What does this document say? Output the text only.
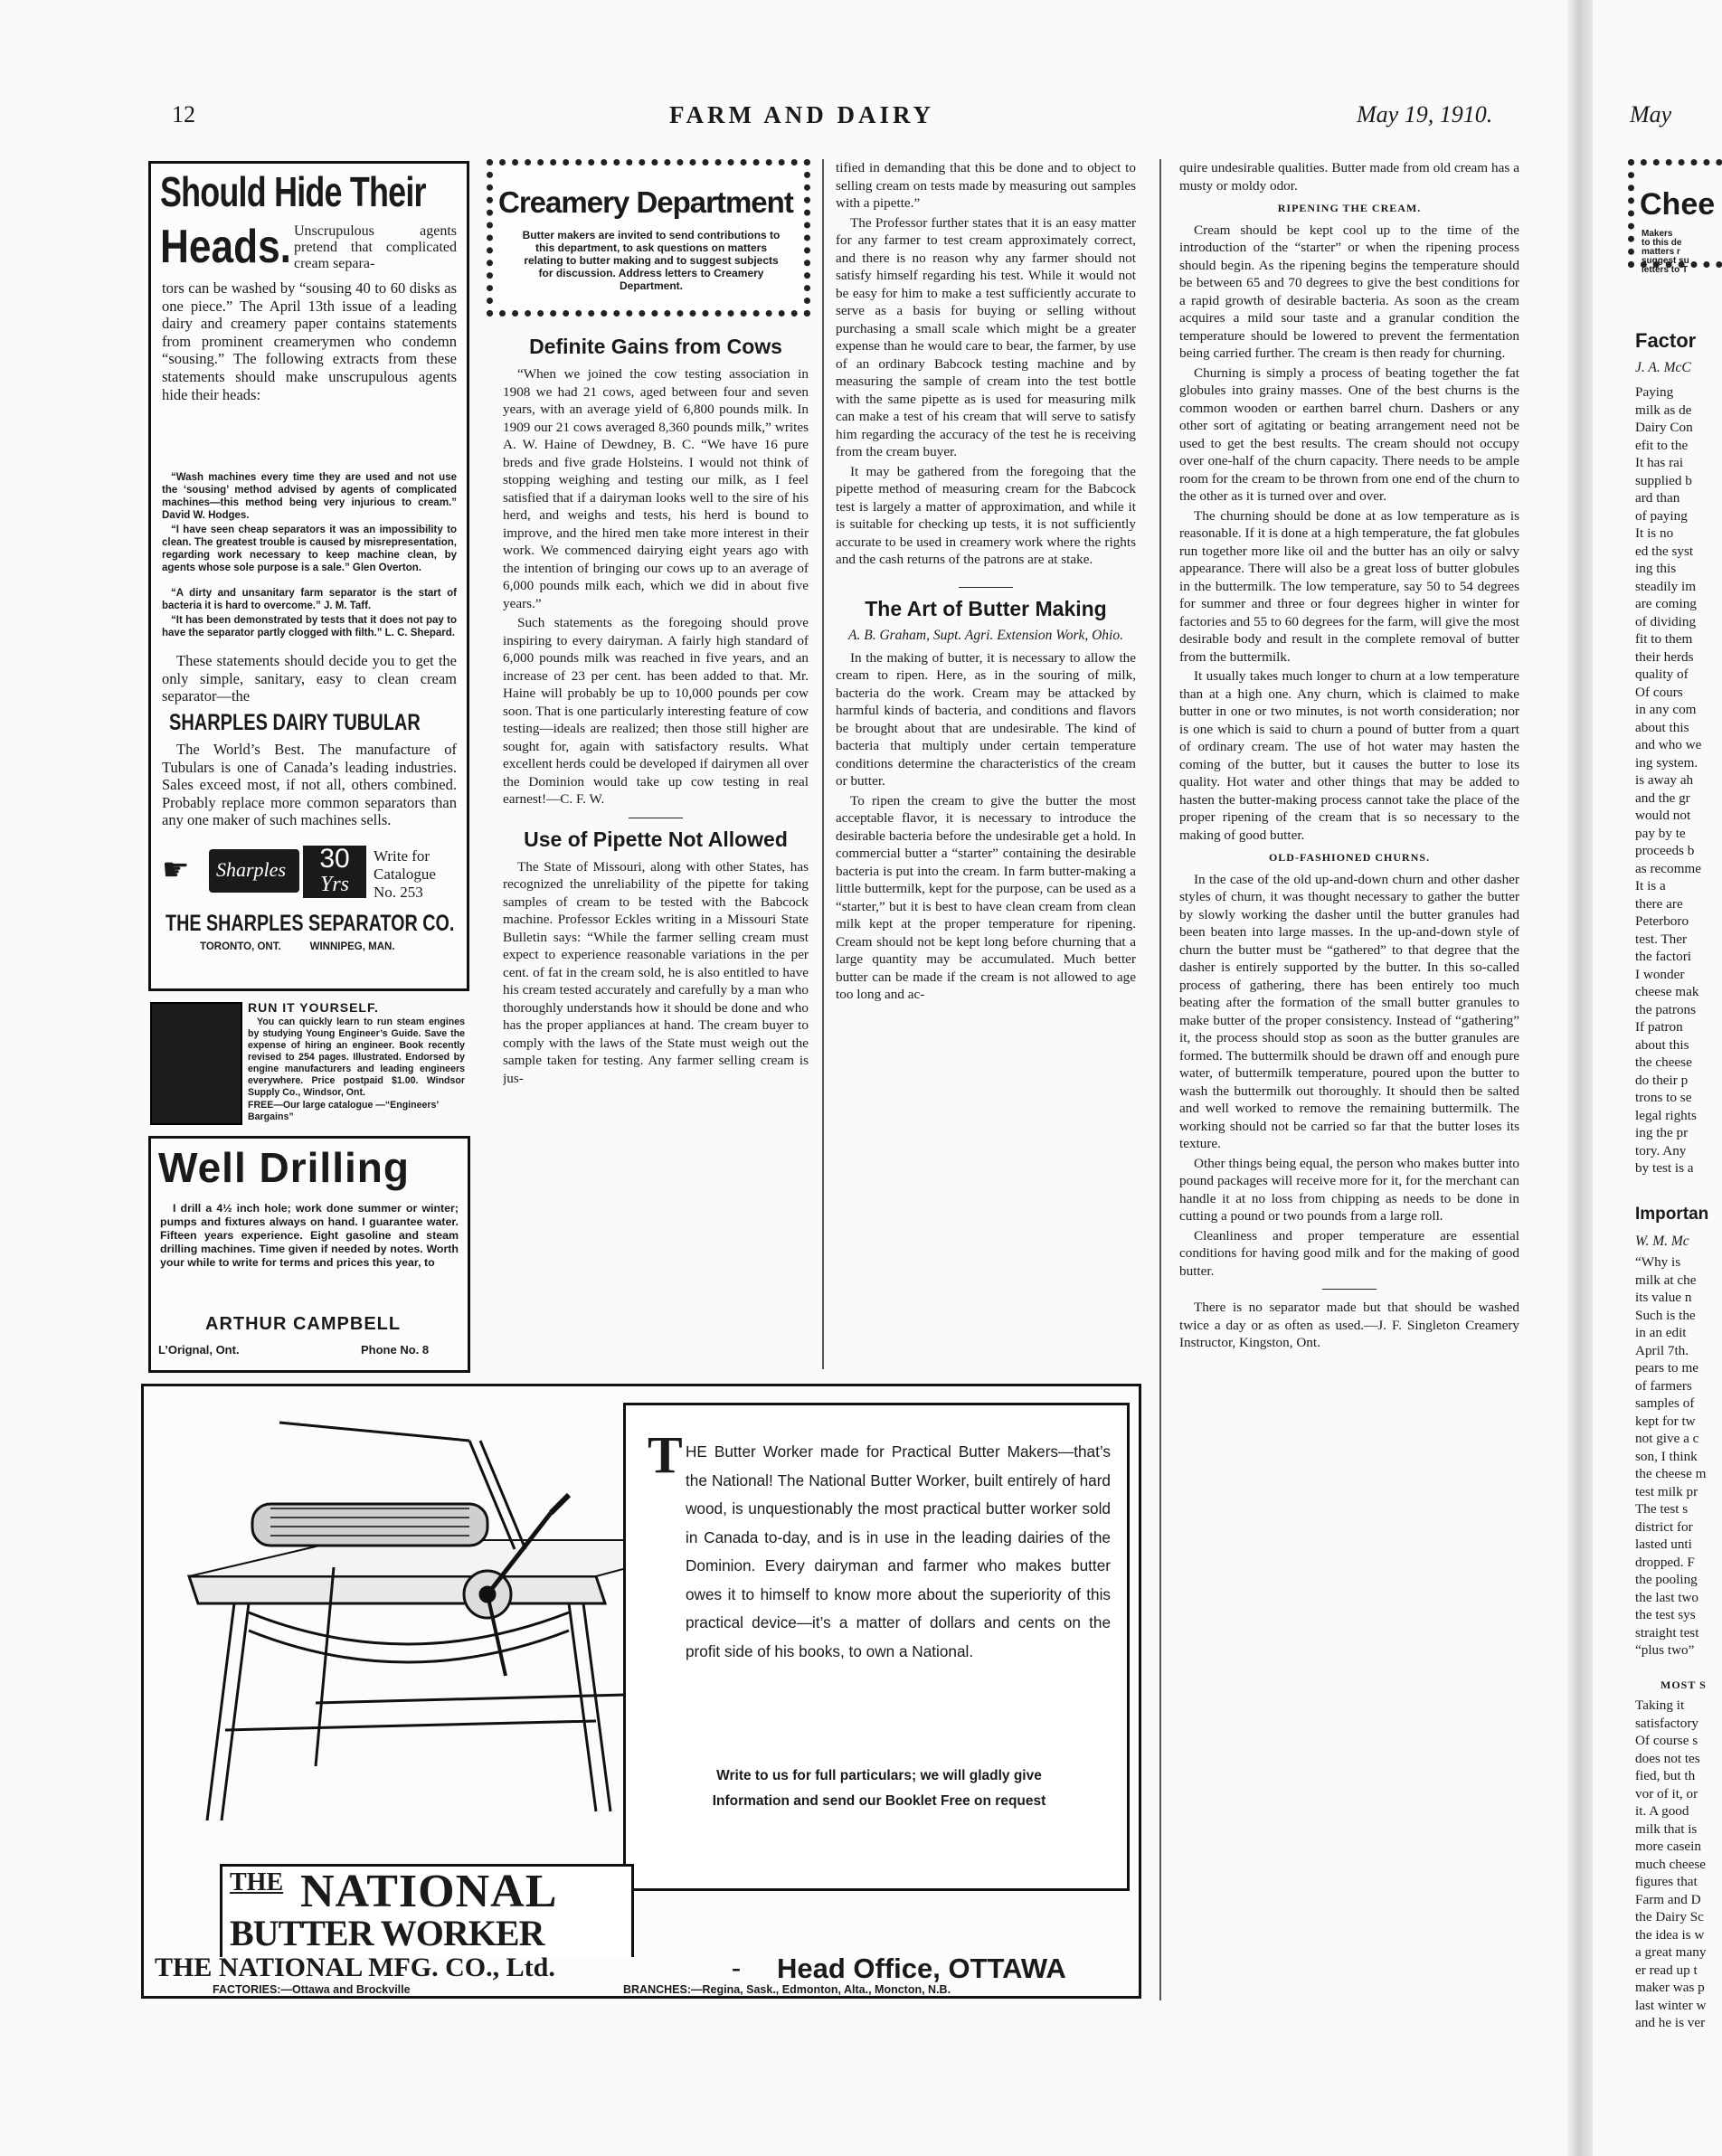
12	FARM AND DAIRY	May 19, 1910.	May
Should Hide Their
Heads. Unscrupulous agents pretend that complicated cream separa-
tors can be washed by “sousing 40 to 60 disks as one piece.” The April 13th issue of a leading dairy and creamery paper contains statements from prominent creamerymen who condemn “sousing.” The following extracts from these statements should make unscrupulous agents hide their heads:
“Wash machines every time they are used and not use the ‘sousing’ method advised by agents of complicated machines—this method being very injurious to cream.” David W. Hodges.
“I have seen cheap separators it was an impossibility to clean. The greatest trouble is caused by misrepresentation, regarding work necessary to keep machine clean, by agents whose sole purpose is a sale.” Glen Overton.
“A dirty and unsanitary farm separator is the start of bacteria it is hard to overcome.” J. M. Taff.
“It has been demonstrated by tests that it does not pay to have the separator partly clogged with filth.” L. C. Shepard.
These statements should decide you to get the only simple, sanitary, easy to clean cream separator—the
SHARPLES DAIRY TUBULAR
The World’s Best. The manufacture of Tubulars is one of Canada’s leading industries. Sales exceed most, if not all, others combined. Probably replace more common separators than any one maker of such machines sells.
☛	Sharples	30
Yrs
Write for Catalogue No. 253
THE SHARPLES SEPARATOR CO.
TORONTO, ONT.          WINNIPEG, MAN.
RUN IT YOURSELF.
You can quickly learn to run steam engines by studying Young Engineer’s Guide. Save the expense of hiring an engineer. Book recently revised to 254 pages. Illustrated. Endorsed by engine manufacturers and leading engineers everywhere. Price postpaid $1.00. Windsor Supply Co., Windsor, Ont.
FREE—Our large catalogue —“Engineers’ Bargains”
Well Drilling
I drill a 4½ inch hole; work done summer or winter; pumps and fixtures always on hand. I guarantee water. Fifteen years experience. Eight gasoline and steam drilling machines. Time given if needed by notes. Worth your while to write for terms and prices this year, to
ARTHUR CAMPBELL
L’Orignal, Ont.	Phone No. 8
Creamery Department
Butter makers are invited to send contributions to this department, to ask questions on matters relating to butter making and to suggest subjects for discussion. Address letters to Creamery Department.
Definite Gains from Cows

“When we joined the cow testing association in 1908 we had 21 cows, aged between four and seven years, with an average yield of 6,800 pounds milk. In 1909 our 21 cows averaged 8,360 pounds milk,” writes A. W. Haine of Dewdney, B. C. “We have 16 pure breds and five grade Holsteins. I would not think of stopping weighing and testing our milk, as I feel satisfied that if a dairyman looks well to the sire of his herd, and weighs and tests, his herd is bound to improve, and the hired men take more interest in their work. We commenced dairying eight years ago with the intention of bringing our cows up to an average of 6,000 pounds milk each, which we did in about five years.”

Such statements as the foregoing should prove inspiring to every dairyman. A fairly high standard of 6,000 pounds milk was reached in five years, and an increase of 23 per cent. has been added to that. Mr. Haine will probably be up to 10,000 pounds per cow soon. That is one particularly interesting feature of cow testing—ideals are realized; then those still higher are sought for, again with satisfactory results. What excellent herds could be developed if dairymen all over the Dominion would take up cow testing in real earnest!—C. F. W.

Use of Pipette Not Allowed

The State of Missouri, along with other States, has recognized the unreliability of the pipette for taking samples of cream to be tested with the Babcock machine. Professor Eckles writing in a Missouri State Bulletin says: “While the farmer selling cream must expect to experience reasonable variations in the per cent. of fat in the cream sold, he is also entitled to have his cream tested accurately and carefully by a man who thoroughly understands how it should be done and who has the proper appliances at hand. The cream buyer to comply with the laws of the State must weigh out the sample taken for testing. Any farmer selling cream is jus-

tified in demanding that this be done and to object to selling cream on tests made by measuring out samples with a pipette.”

The Professor further states that it is an easy matter for any farmer to test cream approximately correct, and there is no reason why any farmer should not satisfy himself regarding his test. While it would not be easy for him to make a test sufficiently accurate to serve as a basis for buying or selling without purchasing a small scale which might be a greater expense than he would care to bear, the farmer, by use of an ordinary Babcock testing machine and by measuring the sample of cream into the test bottle with the same pipette as is used for measuring milk can make a test of his cream that will serve to satisfy him regarding the accuracy of the test he is receiving from the cream buyer.

It may be gathered from the foregoing that the pipette method of measuring cream for the Babcock test is largely a matter of approximation, and while it is suitable for checking up tests, it is not sufficiently accurate to be used in creamery work where the rights and the cash returns of the patrons are at stake.

The Art of Butter Making
A. B. Graham, Supt. Agri. Extension Work, Ohio.

In the making of butter, it is necessary to allow the cream to ripen. Here, as in the souring of milk, bacteria do the work. Cream may be attacked by harmful kinds of bacteria, and conditions and flavors be brought about that are undesirable. The kind of bacteria that multiply under certain temperature conditions determine the characteristics of the cream or butter.

To ripen the cream to give the butter the most acceptable flavor, it is necessary to introduce the desirable bacteria before the undesirable get a hold. In commercial butter a “starter” containing the desirable bacteria is put into the cream. In farm butter-making a little buttermilk, kept for the purpose, can be used as a “starter,” but it is best to have clean cream from clean milk kept at the proper temperature for ripening. Cream should not be kept long before churning that a large quantity may be accumulated. Much better butter can be made if the cream is not allowed to age too long and ac-

quire undesirable qualities. Butter made from old cream has a musty or moldy odor.

RIPENING THE CREAM.

Cream should be kept cool up to the time of the introduction of the “starter” or when the ripening process should begin. As the ripening begins the temperature should be between 65 and 70 degrees to give the best conditions for a rapid growth of desirable bacteria. As soon as the cream acquires a mild sour taste and a granular condition the temperature should be lowered to prevent the fermentation being carried further. The cream is then ready for churning.

Churning is simply a process of beating together the fat globules into grainy masses. One of the best churns is the common wooden or earthen barrel churn. Dashers or any other sort of agitating or beating arrangement need not be used to get the best results. The cream should not occupy over one-half of the churn capacity. There needs to be ample room for the cream to be thrown from one end of the churn to the other as it is turned over and over.

The churning should be done at as low temperature as is reasonable. If it is done at a high temperature, the fat globules run together more like oil and the butter has an oily or salvy appearance. There will also be a great loss of butter globules in the buttermilk. The low temperature, say 50 to 54 degrees for summer and three or four degrees higher in winter for factories and 55 to 60 degrees for the farm, will give the most desirable body and result in the complete removal of butter from the buttermilk.

It usually takes much longer to churn at a low temperature than at a high one. Any churn, which is claimed to make butter in one or two minutes, is not worth consideration; nor is one which is said to churn a pound of butter from a quart of ordinary cream. The use of hot water may hasten the coming of the butter, but it causes the butter to lose its quality. Hot water and other things that may be added to hasten the butter-making process cannot take the place of the proper ripening of the cream that is so necessary to the making of good butter.

OLD-FASHIONED CHURNS.

In the case of the old up-and-down churn and other dasher styles of churn, it was thought necessary to gather the butter by slowly working the dasher until the butter granules had been beaten into large masses. In the up-and-down style of churn the butter must be “gathered” to that degree that the dasher is entirely supported by the butter. In this so-called process of gathering, there has been entirely too much beating after the formation of the small butter granules to make butter of the proper consistency. Instead of “gathering” it, the process should stop as soon as the butter granules are formed. The buttermilk should be drawn off and enough pure water, of buttermilk temperature, poured upon the butter to wash the buttermilk out thoroughly. It should then be salted and well worked to remove the remaining buttermilk. The working should not be carried so far that the butter loses its texture.

Other things being equal, the person who makes butter into pound packages will receive more for it, for the merchant can handle it at no loss from chipping as needs to be done in cutting a pound or two pounds from a large roll.

Cleanliness and proper temperature are essential conditions for having good milk and for the making of good butter.

There is no separator made but that should be washed twice a day or as often as used.—J. F. Singleton Creamery Instructor, Kingston, Ont.

T HE Butter Worker made for Practical Butter Makers—that’s the National! The National Butter Worker, built entirely of hard wood, is unquestionably the most practical butter worker sold in Canada to-day, and is in use in the leading dairies of the Dominion. Every dairyman and farmer who makes butter owes it to himself to know more about the superiority of this practical device—it’s a matter of dollars and cents on the profit side of his books, to own a National.
Write to us for full particulars; we will gladly give Information and send our Booklet Free on request
THE NATIONAL
BUTTER WORKER
THE NATIONAL MFG. CO., Ltd.	- Head Office, OTTAWA
FACTORIES:—Ottawa and Brockville	BRANCHES:—Regina, Sask., Edmonton, Alta., Moncton, N.B.
Chee
Makers
to this de
matters r
suggest su
letters to T
Factor
J. A. McC
Paying
milk as de
Dairy Con
efit to the
It has rai
supplied b
ard than
of paying
It is no
ed the syst
ing this
steadily im
are coming
of dividing
fit to them
their herds
quality of
Of cours
in any com
about this
and who we
ing system.
is away ah
and the gr
would not
pay by te
proceeds b
as recomme
It is a
there are
Peterboro
test. Ther
the factori
I wonder
cheese mak
the patrons
If patron
about this
the cheese
do their p
trons to se
legal rights
ing the pr
tory. Any
by test is a
Importan
W. M. Mc
“Why is
milk at che
its value n
Such is the
in an edit
April 7th.
pears to me
of farmers
samples of
kept for tw
not give a c
son, I think
the cheese m
test milk pr
The test s
district for
lasted unti
dropped. F
the pooling
the last two
the test sys
straight test
“plus two”
MOST S
Taking it
satisfactory
Of course s
does not tes
fied, but th
vor of it, or
it. A good
milk that is
more casein
much cheese
figures that
Farm and D
the Dairy Sc
the idea is w
a great many
er read up t
maker was p
last winter w
and he is ver
